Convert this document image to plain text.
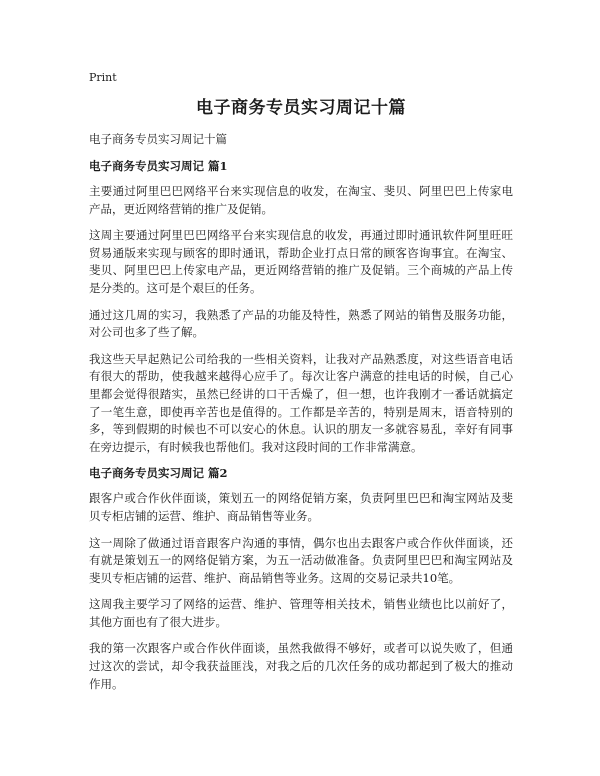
Print
电子商务专员实习周记十篇

电子商务专员实习周记十篇

电子商务专员实习周记 篇1

主要通过阿里巴巴网络平台来实现信息的收发，在淘宝、斐贝、阿里巴巴上传家电产品，更近网络营销的推广及促销。

这周主要通过阿里巴巴网络平台来实现信息的收发，再通过即时通讯软件阿里旺旺贸易通版来实现与顾客的即时通讯，帮助企业打点日常的顾客咨询事宜。在淘宝、斐贝、阿里巴巴上传家电产品，更近网络营销的推广及促销。三个商城的产品上传是分类的。这可是个艰巨的任务。

通过这几周的实习，我熟悉了产品的功能及特性，熟悉了网站的销售及服务功能，对公司也多了些了解。

我这些天早起熟记公司给我的一些相关资料，让我对产品熟悉度，对这些语音电话有很大的帮助，使我越来越得心应手了。每次让客户满意的挂电话的时候，自己心里都会觉得很踏实，虽然已经讲的口干舌燥了，但一想，也许我刚才一番话就搞定了一笔生意，即使再辛苦也是值得的。工作都是辛苦的，特别是周末，语音特别的多，等到假期的时候也不可以安心的休息。认识的朋友一多就容易乱，幸好有同事在旁边提示，有时候我也帮他们。我对这段时间的工作非常满意。

电子商务专员实习周记 篇2

跟客户或合作伙伴面谈，策划五一的网络促销方案，负责阿里巴巴和淘宝网站及斐贝专柜店铺的运营、维护、商品销售等业务。

这一周除了做通过语音跟客户沟通的事情，偶尔也出去跟客户或合作伙伴面谈，还有就是策划五一的网络促销方案，为五一活动做准备。负责阿里巴巴和淘宝网站及斐贝专柜店铺的运营、维护、商品销售等业务。这周的交易记录共10笔。

这周我主要学习了网络的运营、维护、管理等相关技术，销售业绩也比以前好了，其他方面也有了很大进步。

我的第一次跟客户或合作伙伴面谈，虽然我做得不够好，或者可以说失败了，但通过这次的尝试，却令我获益匪浅，对我之后的几次任务的成功都起到了极大的推动作用。
